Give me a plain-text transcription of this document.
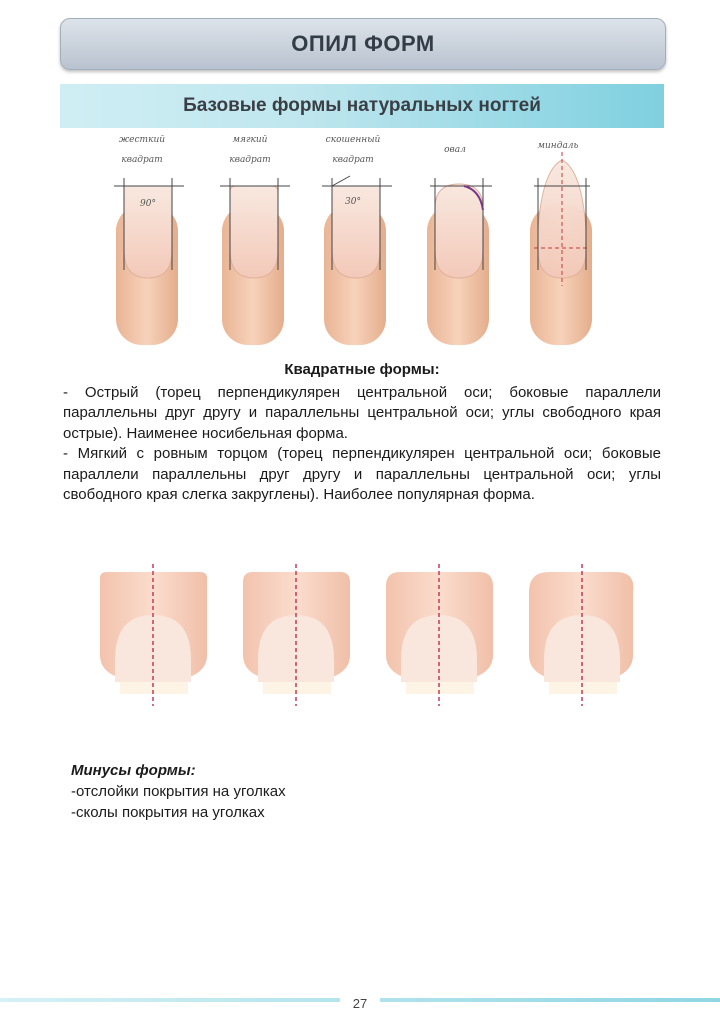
ОПИЛ ФОРМ
Базовые формы натуральных ногтей
жесткий
квадрат
90°
мягкий
квадрат
скошенный
квадрат
30°
овал	миндаль
Квадратные формы:

- Острый (торец перпендикулярен центральной оси; боковые параллели параллельны друг другу и параллельны центральной оси; углы свободного края острые). Наименее носибельная форма.

- Мягкий с ровным торцом (торец перпендикулярен центральной оси; боковые параллели параллельны друг другу и параллельны центральной оси; углы свободного края слегка закруглены). Наиболее популярная форма.

Минусы формы:
-отслойки покрытия на уголках
-сколы покрытия на уголках
27
